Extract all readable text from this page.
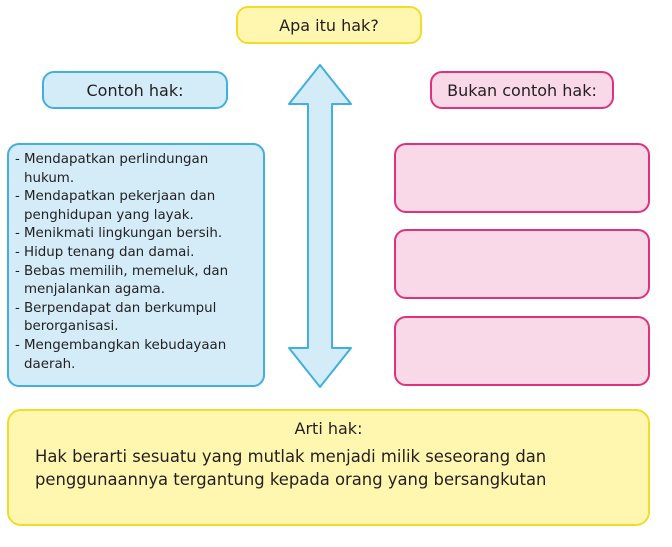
Apa itu hak?
Contoh hak:	Bukan contoh hak:
- Mendapatkan perlindungan
hukum.
- Mendapatkan pekerjaan dan
penghidupan yang layak.
- Menikmati lingkungan bersih.
- Hidup tenang dan damai.
- Bebas memilih, memeluk, dan
menjalankan agama.
- Berpendapat dan berkumpul
berorganisasi.
- Mengembangkan kebudayaan
daerah.
Arti hak:
Hak berarti sesuatu yang mutlak menjadi milik seseorang dan
penggunaannya tergantung kepada orang yang bersangkutan
